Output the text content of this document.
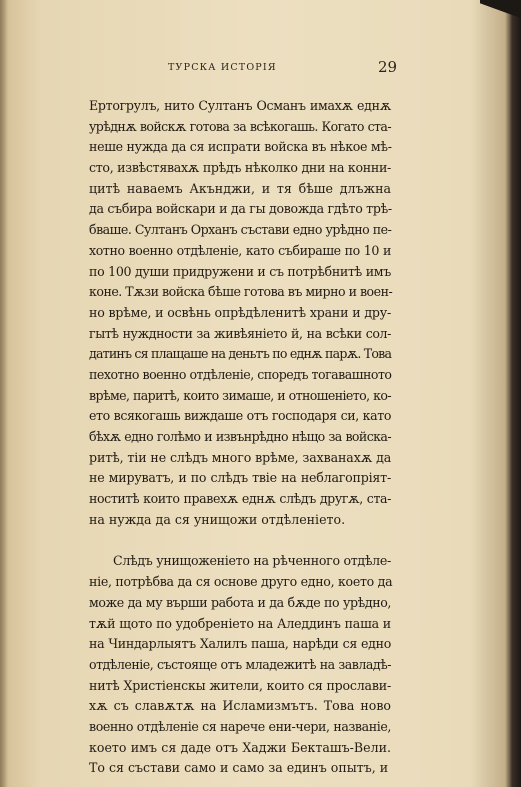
ТУРСКА ИСТОРІЯ	29
Ертогрулъ, нито Султанъ Османъ имахѫ еднѫ
урѣднѫ войскѫ готова за всѣкогашь. Когато ста-
неше нужда да ся испрати войска въ нѣкое мѣ-
сто, извѣстявахѫ прѣдъ нѣколко дни на конни-
цитѣ наваемъ Акънджи, и тя бѣше длъжна
да събира войскари и да гы довожда гдѣто трѣ-
бваше. Султанъ Орханъ състави едно урѣдно пе-
хотно военно отдѣленіе, като събираше по 10 и
по 100 души придружени и съ потрѣбнитѣ имъ
коне. Тѫзи войска бѣше готова въ мирно и воен-
но врѣме, и освѣнь опрѣдѣленитѣ храни и дру-
гытѣ нуждности за живѣяніето й, на всѣки сол-
датинъ ся плащаше на деньтъ по еднѫ парѫ. Това
пехотно военно отдѣленіе, споредъ тогавашното
врѣме, паритѣ, които зимаше, и отношеніето, ко-
ето всякогашь виждаше отъ господаря си, като
бѣхѫ едно голѣмо и извънрѣдно нѣщо за войска-
ритѣ, тіи не слѣдъ много врѣме, захванахѫ да
не мируватъ, и по слѣдъ твіе на неблагопріят-
ноститѣ които правехѫ еднѫ слѣдъ другѫ, ста-
на нужда да ся унищожи отдѣленіето.
Слѣдъ унищоженіето на рѣченного отдѣле-
ніе, потрѣбва да ся основе друго едно, което да
може да му върши работа и да бѫде по урѣдно,
тѫй щото по удобреніето на Аледдинъ паша и
на Чиндарлыятъ Халилъ паша, нарѣди ся едно
отдѣленіе, състояще отъ младежитѣ на завладѣ-
нитѣ Христіенскы жители, които ся прослави-
хѫ съ славѫтѫ на Исламизмътъ. Това ново
военно отдѣленіе ся нарече ени-чери, названіе,
което имъ ся даде отъ Хаджи Бекташъ-Вели.
То ся състави само и само за единъ опытъ, и
